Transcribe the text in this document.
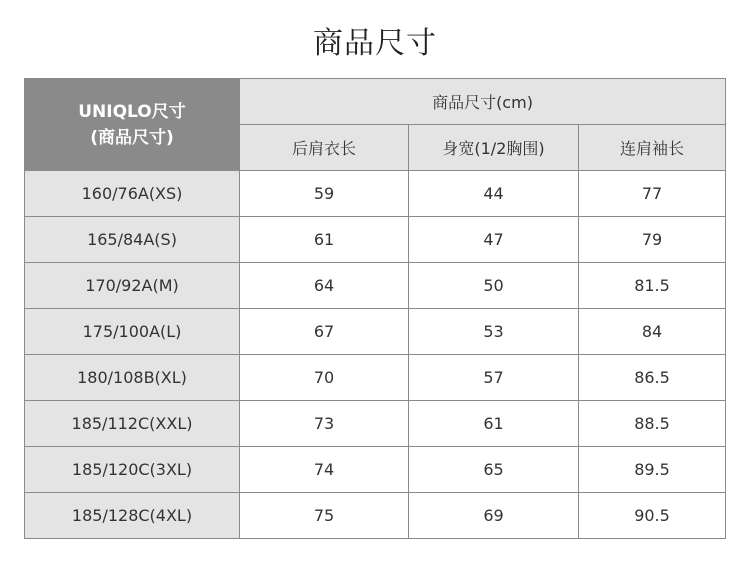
商品尺寸
UNIQLO尺寸
(商品尺寸)	商品尺寸(cm)		
	后肩衣长	身宽(1/2胸围)	连肩袖长
160/76A(XS)	59	44	77
165/84A(S)	61	47	79
170/92A(M)	64	50	81.5
175/100A(L)	67	53	84
180/108B(XL)	70	57	86.5
185/112C(XXL)	73	61	88.5
185/120C(3XL)	74	65	89.5
185/128C(4XL)	75	69	90.5
